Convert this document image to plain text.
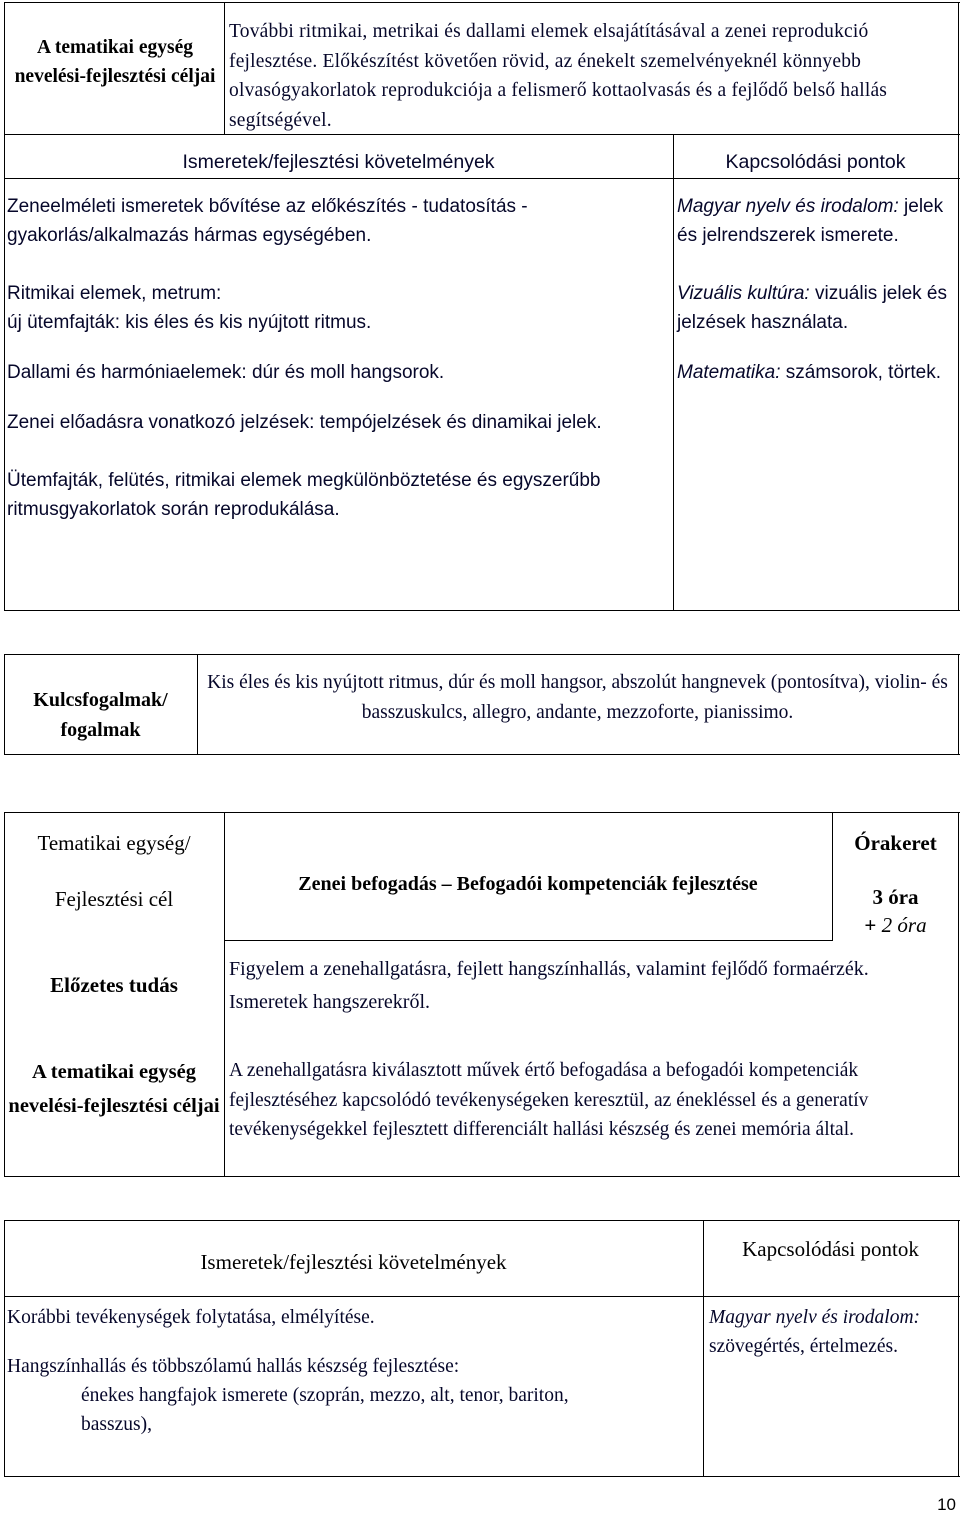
A tematikai egység nevelési-fejlesztési céljai
További ritmikai, metrikai és dallami elemek elsajátításával a zenei reprodukció fejlesztése. Előkészítést követően rövid, az énekelt szemelvényeknél könnyebb olvasógyakorlatok reprodukciója a felismerő kottaolvasás és a fejlődő belső hallás segítségével.
Ismeretek/fejlesztési követelmények	Kapcsolódási pontok

Zeneelméleti ismeretek bővítése az előkészítés - tudatosítás - gyakorlás/alkalmazás hármas egységében.

Ritmikai elemek, metrum:

új ütemfajták: kis éles és kis nyújtott ritmus.

Dallami és harmóniaelemek: dúr és moll hangsorok.

Zenei előadásra vonatkozó jelzések: tempójelzések és dinamikai jelek.

Ütemfajták, felütés, ritmikai elemek megkülönböztetése és egyszerűbb ritmusgyakorlatok során reprodukálása.

Magyar nyelv és irodalom: jelek és jelrendszerek ismerete.

Vizuális kultúra: vizuális jelek és jelzések használata.

Matematika: számsorok, törtek.

Kulcsfogalmak/ fogalmak
Kis éles és kis nyújtott ritmus, dúr és moll hangsor, abszolút hangnevek (pontosítva), violin- és basszuskulcs, allegro, andante, mezzoforte, pianissimo.
Tematikai egység/
Fejlesztési cél
Zenei befogadás – Befogadói kompetenciák fejlesztése
Órakeret
3 óra
+ 2 óra
Előzetes tudás
Figyelem a zenehallgatásra, fejlett hangszínhallás, valamint fejlődő formaérzék. Ismeretek hangszerekről.
A tematikai egység nevelési-fejlesztési céljai
A zenehallgatásra kiválasztott művek értő befogadása a befogadói kompetenciák fejlesztéséhez kapcsolódó tevékenységeken keresztül, az énekléssel és a generatív tevékenységekkel fejlesztett differenciált hallási készség és zenei memória által.
Ismeretek/fejlesztési követelmények
Kapcsolódási pontok

Korábbi tevékenységek folytatása, elmélyítése.

Hangszínhallás és többszólamú hallás készség fejlesztése:

énekes hangfajok ismerete (szoprán, mezzo, alt, tenor, bariton, basszus),

Magyar nyelv és irodalom: szövegértés, értelmezés.
10
